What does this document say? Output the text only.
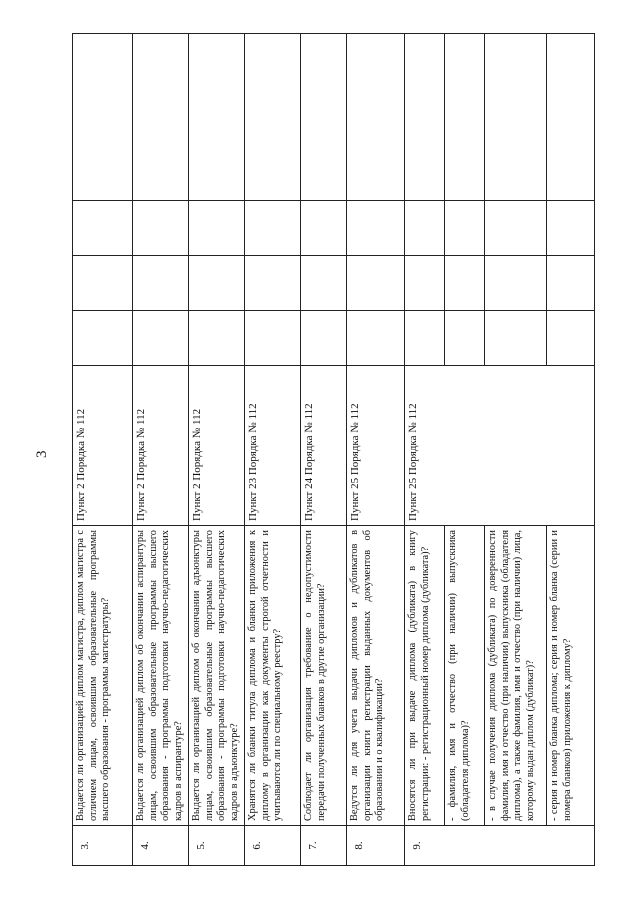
3
3.	Выдается ли организацией диплом магистра, диплом магистра с отличием лицам, освоившим образовательные программы высшего образования - программы магистратуры?	Пункт 2 Порядка № 112				
4.	Выдается ли организацией диплом об окончании аспирантуры лицам, освоившим образовательные программы высшего образования - программы подготовки научно-педагогических кадров в аспирантуре?	Пункт 2 Порядка № 112				
5.	Выдается ли организацией диплом об окончании адъюнктуры лицам, освоившим образовательные программы высшего образования - программы подготовки научно-педагогических кадров в адъюнктуре?	Пункт 2 Порядка № 112				
6.	Хранятся ли бланки титула диплома и бланки приложения к диплому в организации как документы строгой отчетности и учитываются ли по специальному реестру?	Пункт 23 Порядка № 112				
7.	Соблюдает ли организация требование о недопустимости передачи полученных бланков в другие организации?	Пункт 24 Порядка № 112				
8.	Ведутся ли для учета выдачи дипломов и дубликатов в организации книги регистрации выданных документов об образовании и о квалификации?	Пункт 25 Порядка № 112				
9.	Вносятся ли при выдаче диплома (дубликата) в книгу регистрации: - регистрационный номер диплома (дубликата)?	Пункт 25 Порядка № 112				
	- фамилия, имя и отчество (при наличии) выпускника (обладателя диплома)?					
	- в случае получения диплома (дубликата) по доверенности фамилия, имя и отчество (при наличии) выпускника (обладателя диплома), а также фамилия, имя и отчество (при наличии) лица, которому выдан диплом (дубликат)?					
	- серия и номер бланка диплома; серия и номер бланка (серии и номера бланков) приложения к диплому?					
